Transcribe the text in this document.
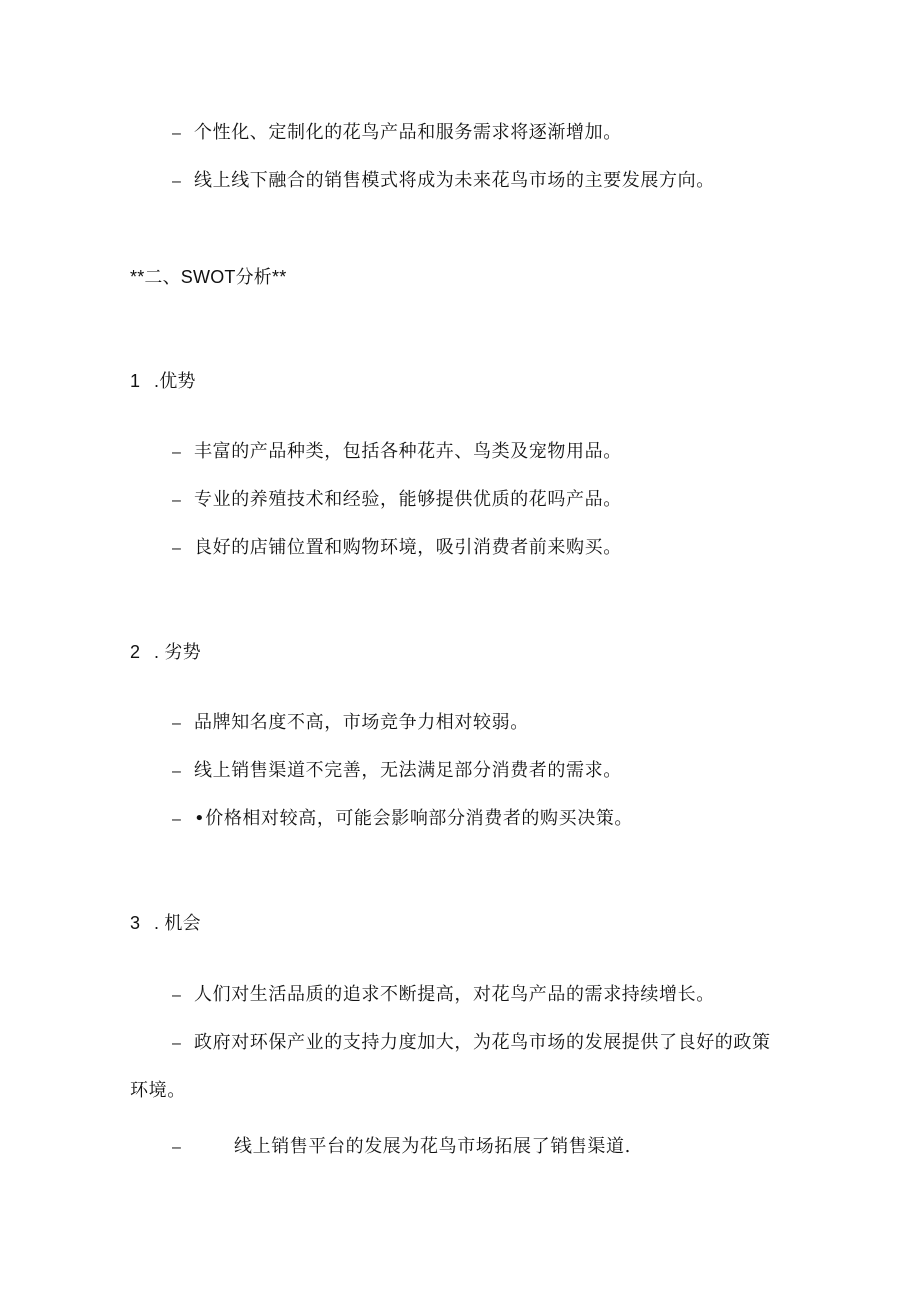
– 个性化、定制化的花鸟产品和服务需求将逐渐增加。
– 线上线下融合的销售模式将成为未来花鸟市场的主要发展方向。
**二、SWOT分析**
1 .优势
– 丰富的产品种类，包括各种花卉、鸟类及宠物用品。
– 专业的养殖技术和经验，能够提供优质的花吗产品。
– 良好的店铺位置和购物环境，吸引消费者前来购买。
2 . 劣势
– 品牌知名度不高，市场竞争力相对较弱。
– 线上销售渠道不完善，无法满足部分消费者的需求。
– •价格相对较高，可能会影响部分消费者的购买决策。
3 . 机会
– 人们对生活品质的追求不断提高，对花鸟产品的需求持续增长。
– 政府对环保产业的支持力度加大，为花鸟市场的发展提供了良好的政策
环境。
–	线上销售平台的发展为花鸟市场拓展了销售渠道.
